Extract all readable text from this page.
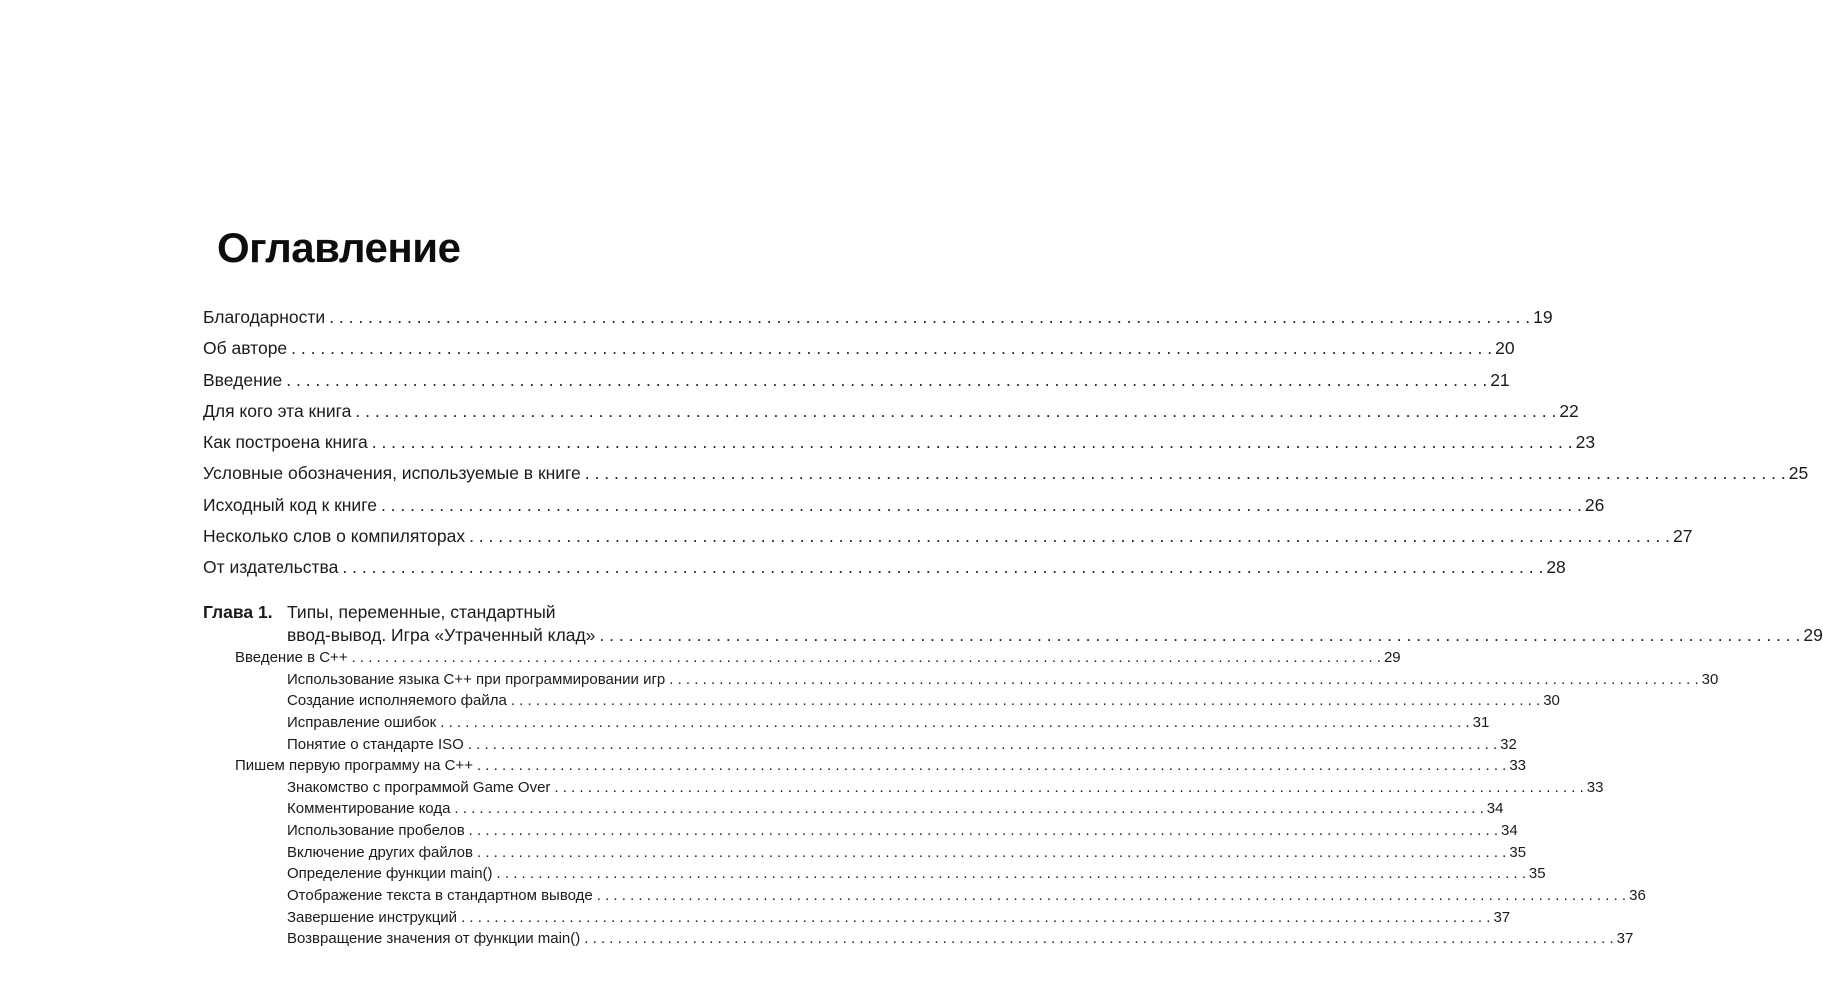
Оглавление
Благодарности . . .	19
Об авторе . . .	20
Введение . . .	21
Для кого эта книга . . .	22
Как построена книга . . .	23
Условные обозначения, используемые в книге . . .	25
Исходный код к книге . . .	26
Несколько слов о компиляторах . . .	27
От издательства . . .	28
Глава 1. Типы, переменные, стандартный
ввод-вывод. Игра «Утраченный клад» . . .	29
Введение в C++ . . .	29
Использование языка C++ при программировании игр . . .	30
Создание исполняемого файла . . .	30
Исправление ошибок . . .	31
Понятие о стандарте ISO . . .	32
Пишем первую программу на C++ . . .	33
Знакомство с программой Game Over . . .	33
Комментирование кода . . .	34
Использование пробелов . . .	34
Включение других файлов . . .	35
Определение функции main() . . .	35
Отображение текста в стандартном выводе . . .	36
Завершение инструкций . . .	37
Возвращение значения от функции main() . . .	37
